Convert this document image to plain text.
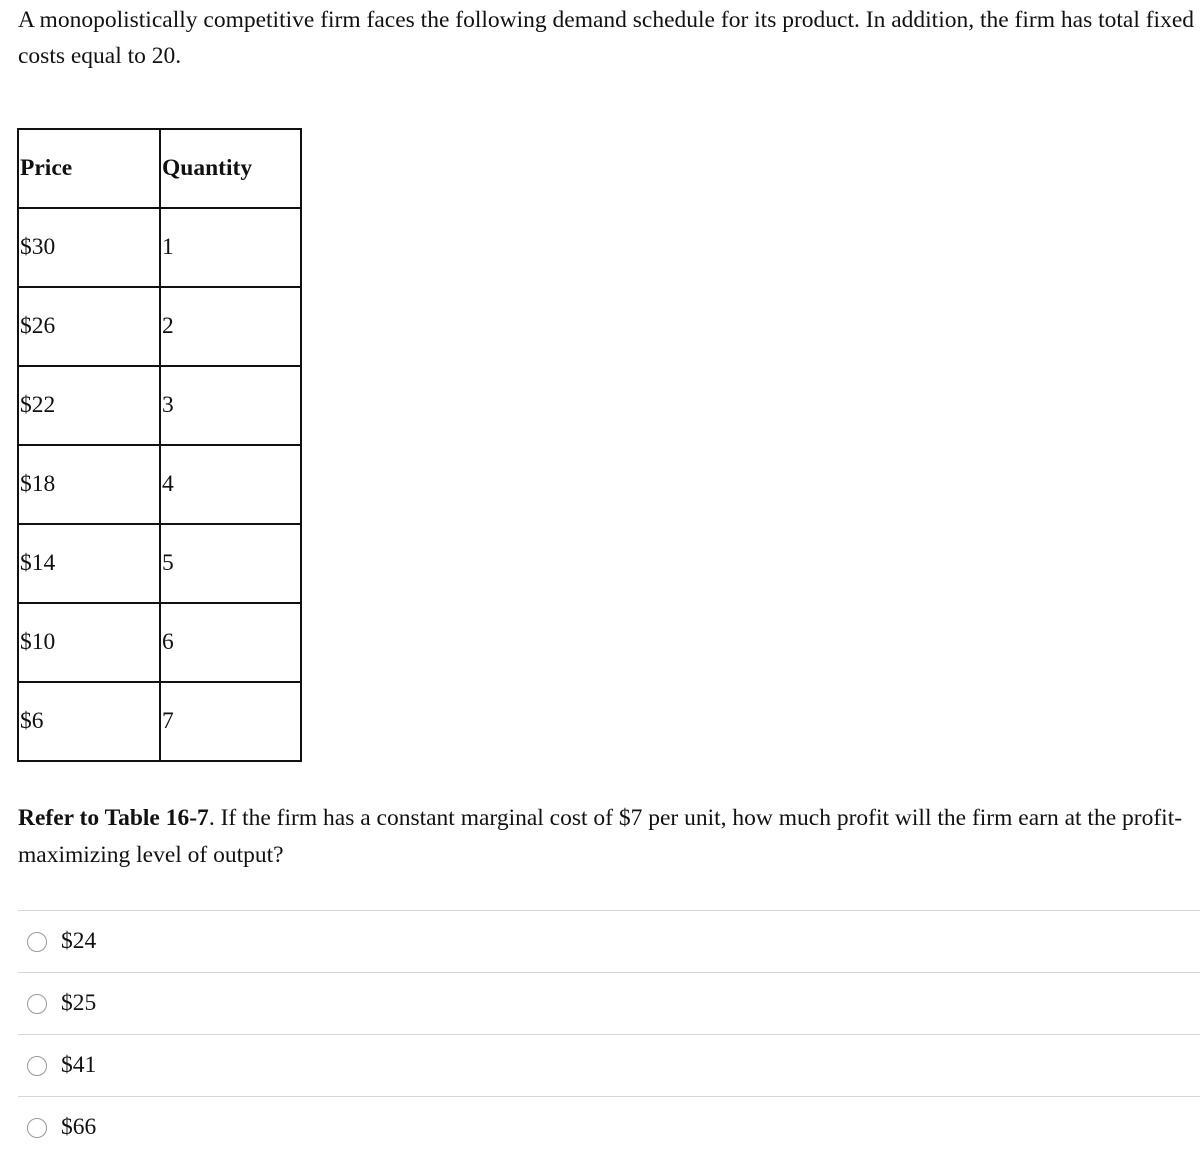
A monopolistically competitive firm faces the following demand schedule for its product. In addition, the firm has total fixed costs equal to 20.

Price	Quantity
$30	1
$26	2
$22	3
$18	4
$14	5
$10	6
$6	7

Refer to Table 16-7. If the firm has a constant marginal cost of $7 per unit, how much profit will the firm earn at the profit-maximizing level of output?

$24
$25
$41
$66
